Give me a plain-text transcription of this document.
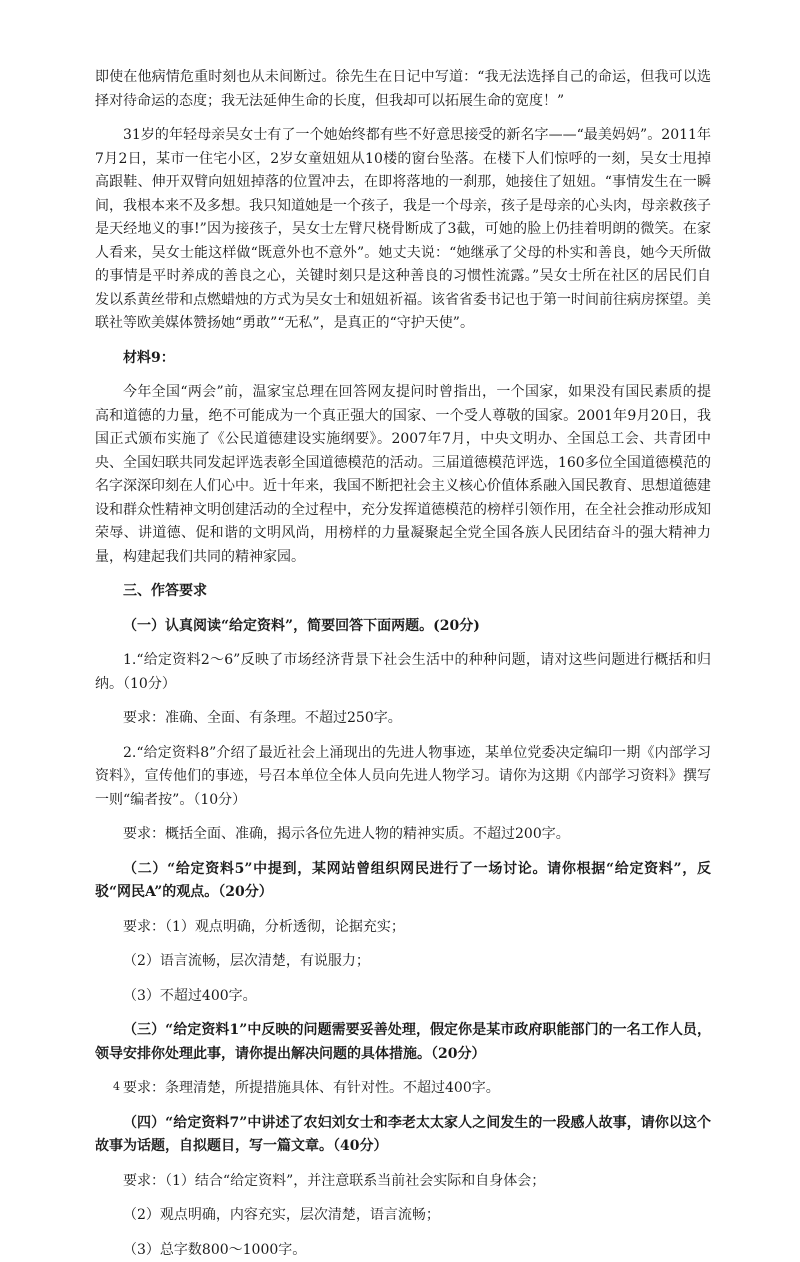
即使在他病情危重时刻也从未间断过。徐先生在日记中写道：“我无法选择自己的命运，但我可以选择对待命运的态度；我无法延伸生命的长度，但我却可以拓展生命的宽度！”

31岁的年轻母亲吴女士有了一个她始终都有些不好意思接受的新名字——“最美妈妈”。2011年7月2日，某市一住宅小区，2岁女童妞妞从10楼的窗台坠落。在楼下人们惊呼的一刻，吴女士甩掉高跟鞋、伸开双臂向妞妞掉落的位置冲去，在即将落地的一刹那，她接住了妞妞。“事情发生在一瞬间，我根本来不及多想。我只知道她是一个孩子，我是一个母亲，孩子是母亲的心头肉，母亲救孩子是天经地义的事!”因为接孩子，吴女士左臂尺桡骨断成了3截，可她的脸上仍挂着明朗的微笑。在家人看来，吴女士能这样做“既意外也不意外”。她丈夫说：“她继承了父母的朴实和善良，她今天所做的事情是平时养成的善良之心，关键时刻只是这种善良的习惯性流露。”吴女士所在社区的居民们自发以系黄丝带和点燃蜡烛的方式为吴女士和妞妞祈福。该省省委书记也于第一时间前往病房探望。美联社等欧美媒体赞扬她“勇敢”“无私”，是真正的“守护天使”。

材料9：

今年全国“两会”前，温家宝总理在回答网友提问时曾指出，一个国家，如果没有国民素质的提高和道德的力量，绝不可能成为一个真正强大的国家、一个受人尊敬的国家。2001年9月20日，我国正式颁布实施了《公民道德建设实施纲要》。2007年7月，中央文明办、全国总工会、共青团中央、全国妇联共同发起评选表彰全国道德模范的活动。三届道德模范评选，160多位全国道德模范的名字深深印刻在人们心中。近十年来，我国不断把社会主义核心价值体系融入国民教育、思想道德建设和群众性精神文明创建活动的全过程中，充分发挥道德模范的榜样引领作用，在全社会推动形成知荣辱、讲道德、促和谐的文明风尚，用榜样的力量凝聚起全党全国各族人民团结奋斗的强大精神力量，构建起我们共同的精神家园。

三、作答要求

（一）认真阅读“给定资料”，简要回答下面两题。(20分)

1.“给定资料2～6”反映了市场经济背景下社会生活中的种种问题，请对这些问题进行概括和归纳。（10分）

要求：准确、全面、有条理。不超过250字。

2.“给定资料8”介绍了最近社会上涌现出的先进人物事迹，某单位党委决定编印一期《内部学习资料》，宣传他们的事迹，号召本单位全体人员向先进人物学习。请你为这期《内部学习资料》撰写一则“编者按”。（10分）

要求：概括全面、准确，揭示各位先进人物的精神实质。不超过200字。

（二）“给定资料5”中提到，某网站曾组织网民进行了一场讨论。请你根据“给定资料”，反驳“网民A”的观点。（20分）

要求：（1）观点明确，分析透彻，论据充实；

（2）语言流畅，层次清楚，有说服力；

（3）不超过400字。

（三）“给定资料1”中反映的问题需要妥善处理，假定你是某市政府职能部门的一名工作人员，领导安排你处理此事，请你提出解决问题的具体措施。（20分）

要求：条理清楚，所提措施具体、有针对性。不超过400字。

（四）“给定资料7”中讲述了农妇刘女士和李老太太家人之间发生的一段感人故事，请你以这个故事为话题，自拟题目，写一篇文章。（40分）

要求：（1）结合“给定资料”，并注意联系当前社会实际和自身体会；

（2）观点明确，内容充实，层次清楚，语言流畅；

（3）总字数800～1000字。

4
